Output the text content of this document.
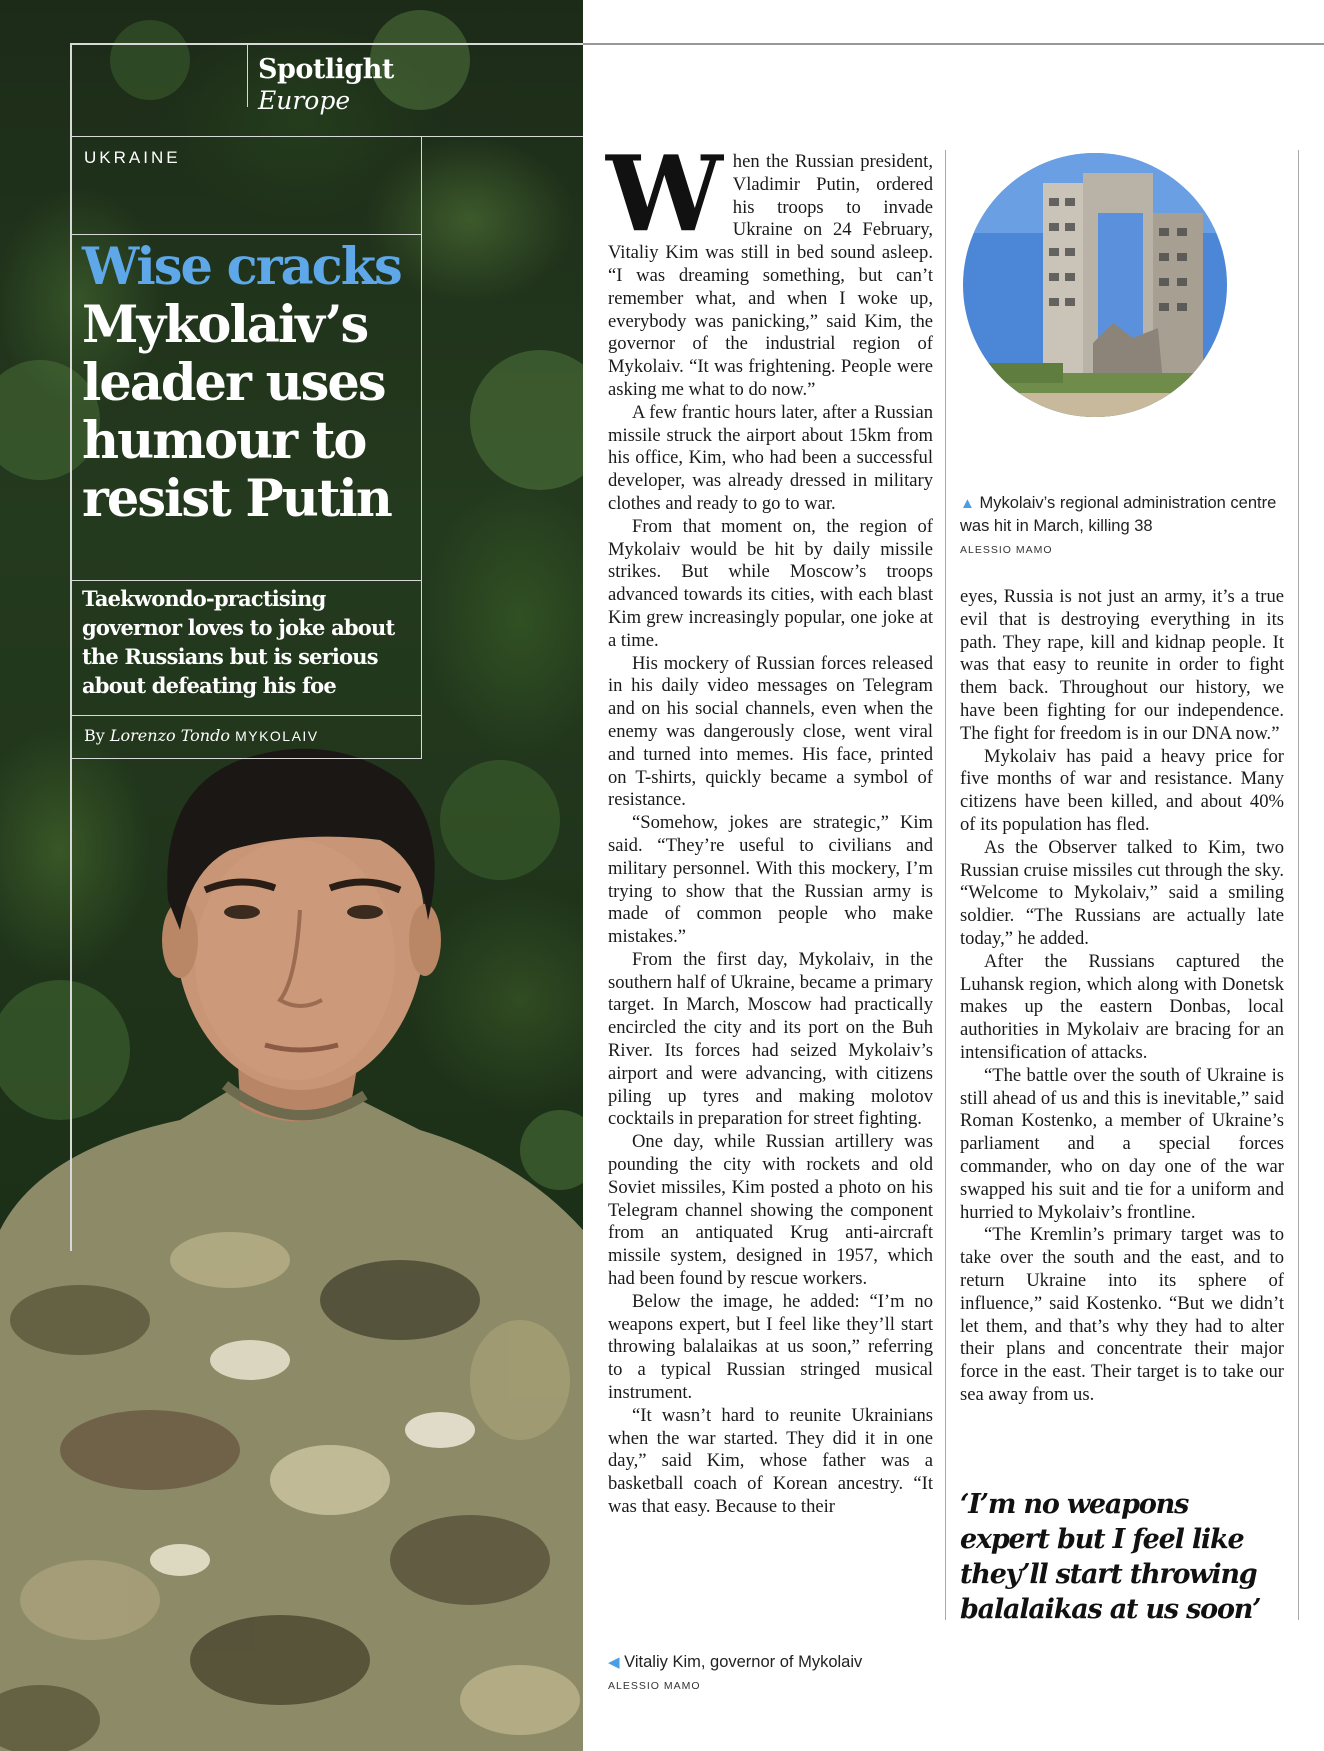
Spotlight
Europe
UKRAINE
Wise cracks
Mykolaiv’s
leader uses
humour to
resist Putin
Taekwondo-practising governor loves to joke about the Russians but is serious about defeating his foe
By Lorenzo Tondo MYKOLAIV
W hen the Russian president, Vladimir Putin, ordered his troops to invade Ukraine on 24 February, Vitaliy Kim was still in bed sound asleep. “I was dreaming something, but can’t remember what, and when I woke up, everybody was panicking,” said Kim, the governor of the industrial region of Mykolaiv. “It was frightening. People were asking me what to do now.”

A few frantic hours later, after a Russian missile struck the airport about 15km from his office, Kim, who had been a successful developer, was already dressed in military clothes and ready to go to war.

From that moment on, the region of Mykolaiv would be hit by daily missile strikes. But while Moscow’s troops advanced towards its cities, with each blast Kim grew increasingly popular, one joke at a time.

His mockery of Russian forces released in his daily video messages on Telegram and on his social channels, even when the enemy was dangerously close, went viral and turned into memes. His face, printed on T-shirts, quickly became a symbol of resistance.

“Somehow, jokes are strategic,” Kim said. “They’re useful to civilians and military personnel. With this mockery, I’m trying to show that the Russian army is made of common people who make mistakes.”

From the first day, Mykolaiv, in the southern half of Ukraine, became a primary target. In March, Moscow had practically encircled the city and its port on the Buh River. Its forces had seized Mykolaiv’s airport and were advancing, with citizens piling up tyres and making molotov cocktails in preparation for street fighting.

One day, while Russian artillery was pounding the city with rockets and old Soviet missiles, Kim posted a photo on his Telegram channel showing the component from an antiquated Krug anti-aircraft missile system, designed in 1957, which had been found by rescue workers.

Below the image, he added: “I’m no weapons expert, but I feel like they’ll start throwing balalaikas at us soon,” referring to a typical Russian stringed musical instrument.

“It wasn’t hard to reunite Ukrainians when the war started. They did it in one day,” said Kim, whose father was a basketball coach of Korean ancestry. “It was that easy. Because to their

▲ Mykolaiv’s regional administration centre was hit in March, killing 38
ALESSIO MAMO

eyes, Russia is not just an army, it’s a true evil that is destroying everything in its path. They rape, kill and kidnap people. It was that easy to reunite in order to fight them back. Throughout our history, we have been fighting for our independence. The fight for freedom is in our DNA now.”

Mykolaiv has paid a heavy price for five months of war and resistance. Many citizens have been killed, and about 40% of its population has fled.

As the Observer talked to Kim, two Russian cruise missiles cut through the sky. “Welcome to Mykolaiv,” said a smiling soldier. “The Russians are actually late today,” he added.

After the Russians captured the Luhansk region, which along with Donetsk makes up the eastern Donbas, local authorities in Mykolaiv are bracing for an intensification of attacks.

“The battle over the south of Ukraine is still ahead of us and this is inevitable,” said Roman Kostenko, a member of Ukraine’s parliament and a special forces commander, who on day one of the war swapped his suit and tie for a uniform and hurried to Mykolaiv’s frontline.

“The Kremlin’s primary target was to take over the south and the east, and to return Ukraine into its sphere of influence,” said Kostenko. “But we didn’t let them, and that’s why they had to alter their plans and concentrate their major force in the east. Their target is to take our sea away from us.

‘I’m no weapons expert but I feel like they’ll start throwing balalaikas at us soon’
◀ Vitaliy Kim, governor of Mykolaiv
ALESSIO MAMO
